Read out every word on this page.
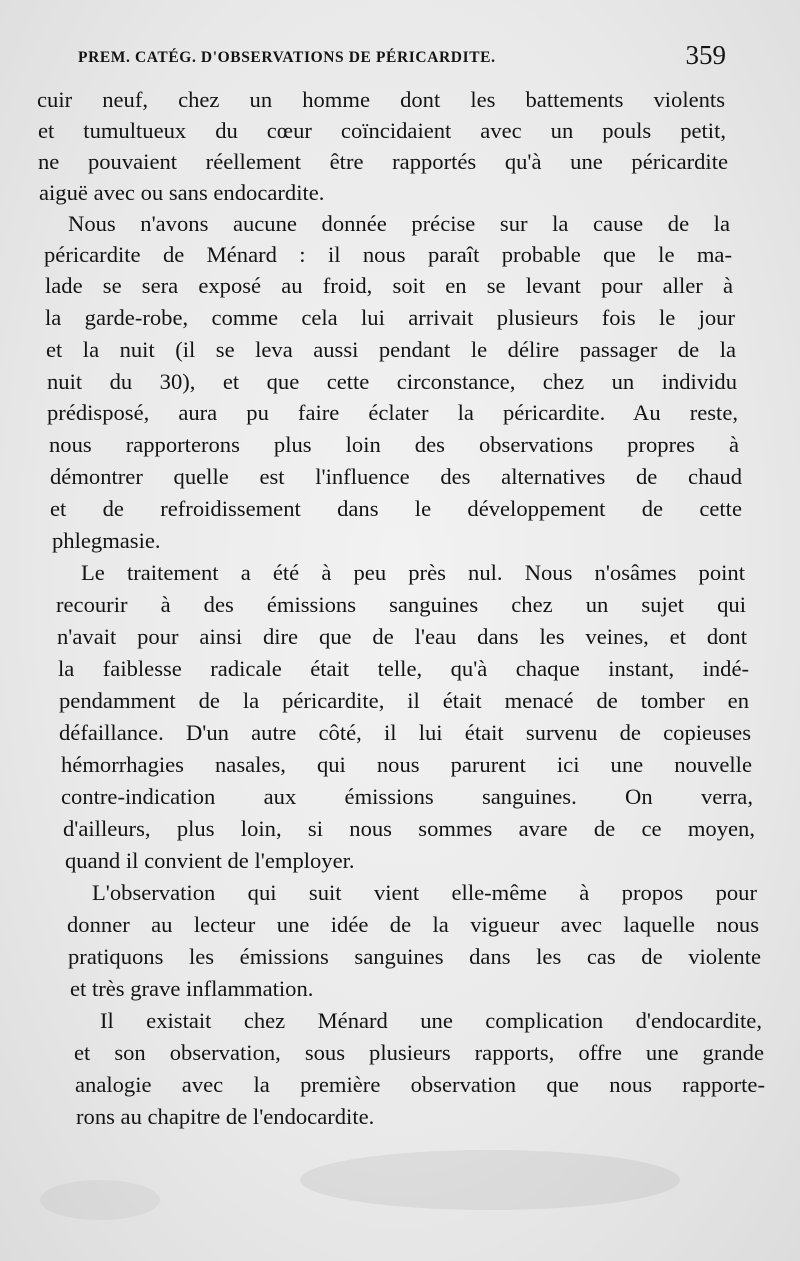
PREM. CATÉG. D'OBSERVATIONS DE PÉRICARDITE.	359
cuir neuf, chez un homme dont les battements violents
et tumultueux du cœur coïncidaient avec un pouls petit,
ne pouvaient réellement être rapportés qu'à une péricardite
aiguë avec ou sans endocardite.
Nous n'avons aucune donnée précise sur la cause de la
péricardite de Ménard : il nous paraît probable que le ma-
lade se sera exposé au froid, soit en se levant pour aller à
la garde-robe, comme cela lui arrivait plusieurs fois le jour
et la nuit (il se leva aussi pendant le délire passager de la
nuit du 30), et que cette circonstance, chez un individu
prédisposé, aura pu faire éclater la péricardite. Au reste,
nous rapporterons plus loin des observations propres à
démontrer quelle est l'influence des alternatives de chaud
et de refroidissement dans le développement de cette
phlegmasie.
Le traitement a été à peu près nul. Nous n'osâmes point
recourir à des émissions sanguines chez un sujet qui
n'avait pour ainsi dire que de l'eau dans les veines, et dont
la faiblesse radicale était telle, qu'à chaque instant, indé-
pendamment de la péricardite, il était menacé de tomber en
défaillance. D'un autre côté, il lui était survenu de copieuses
hémorrhagies nasales, qui nous parurent ici une nouvelle
contre-indication aux émissions sanguines. On verra,
d'ailleurs, plus loin, si nous sommes avare de ce moyen,
quand il convient de l'employer.
L'observation qui suit vient elle-même à propos pour
donner au lecteur une idée de la vigueur avec laquelle nous
pratiquons les émissions sanguines dans les cas de violente
et très grave inflammation.
Il existait chez Ménard une complication d'endocardite,
et son observation, sous plusieurs rapports, offre une grande
analogie avec la première observation que nous rapporte-
rons au chapitre de l'endocardite.
